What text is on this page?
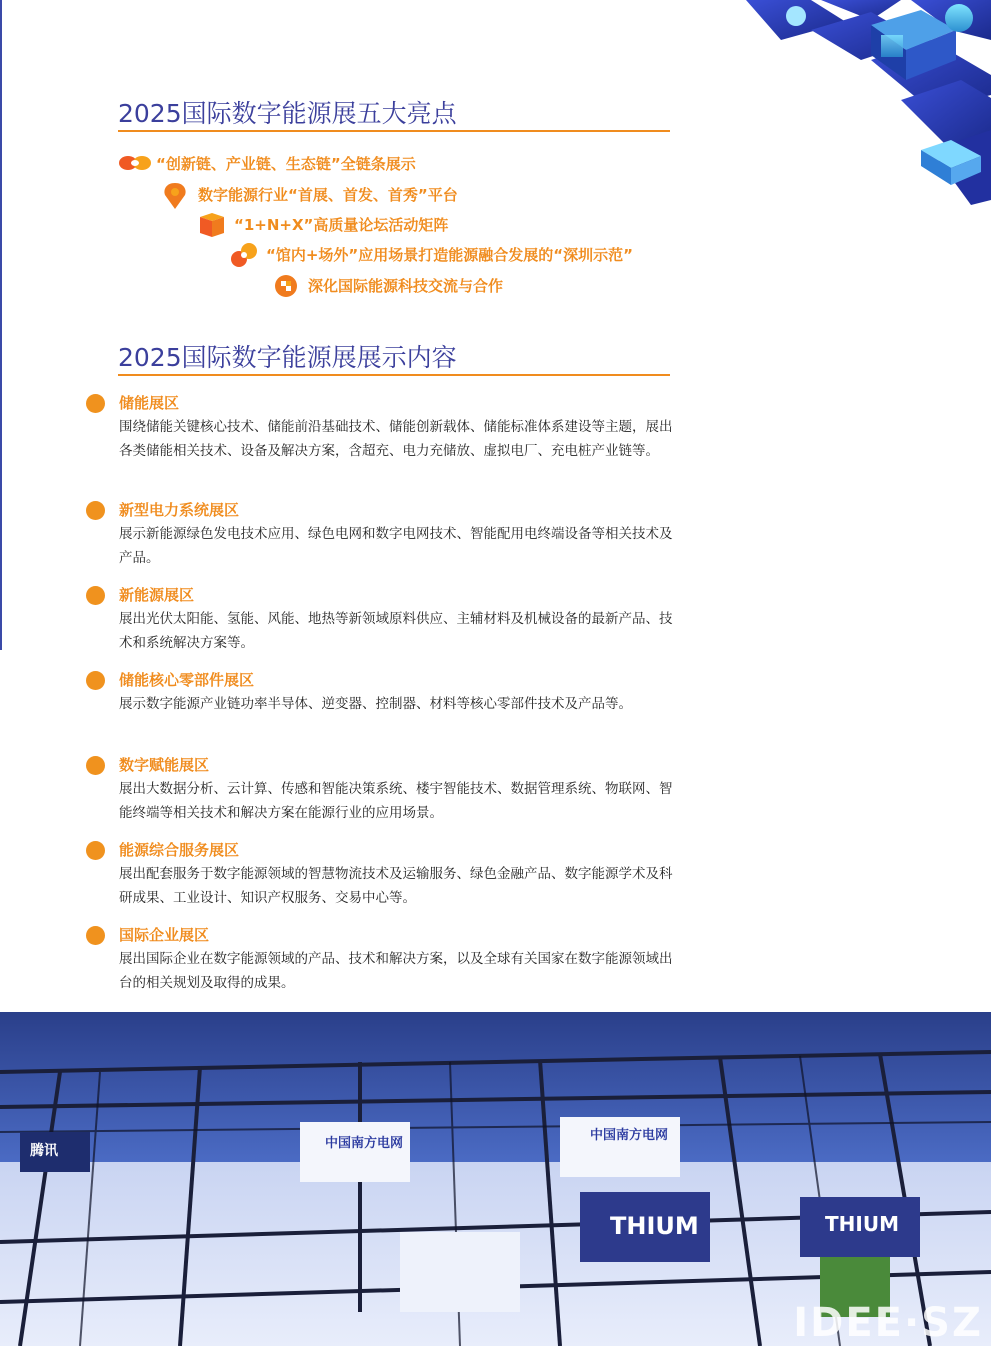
2025国际数字能源展五大亮点
“创新链、产业链、生态链”全链条展示
数字能源行业“首展、首发、首秀”平台
“1+N+X”高质量论坛活动矩阵
“馆内+场外”应用场景打造能源融合发展的“深圳示范”
深化国际能源科技交流与合作
2025国际数字能源展展示内容
储能展区
围绕储能关键核心技术、储能前沿基础技术、储能创新载体、储能标准体系建设等主题，展出各类储能相关技术、设备及解决方案，含超充、电力充储放、虚拟电厂、充电桩产业链等。
新型电力系统展区
展示新能源绿色发电技术应用、绿色电网和数字电网技术、智能配用电终端设备等相关技术及产品。
新能源展区
展出光伏太阳能、氢能、风能、地热等新领域原料供应、主辅材料及机械设备的最新产品、技术和系统解决方案等。
储能核心零部件展区
展示数字能源产业链功率半导体、逆变器、控制器、材料等核心零部件技术及产品等。
数字赋能展区
展出大数据分析、云计算、传感和智能决策系统、楼宇智能技术、数据管理系统、物联网、智能终端等相关技术和解决方案在能源行业的应用场景。
能源综合服务展区
展出配套服务于数字能源领域的智慧物流技术及运输服务、绿色金融产品、数字能源学术及科研成果、工业设计、知识产权服务、交易中心等。
国际企业展区
展出国际企业在数字能源领域的产品、技术和解决方案，以及全球有关国家在数字能源领域出台的相关规划及取得的成果。
中国南方电网
中国南方电网
THIUM	THIUM
腾讯
IDEE·SZ
